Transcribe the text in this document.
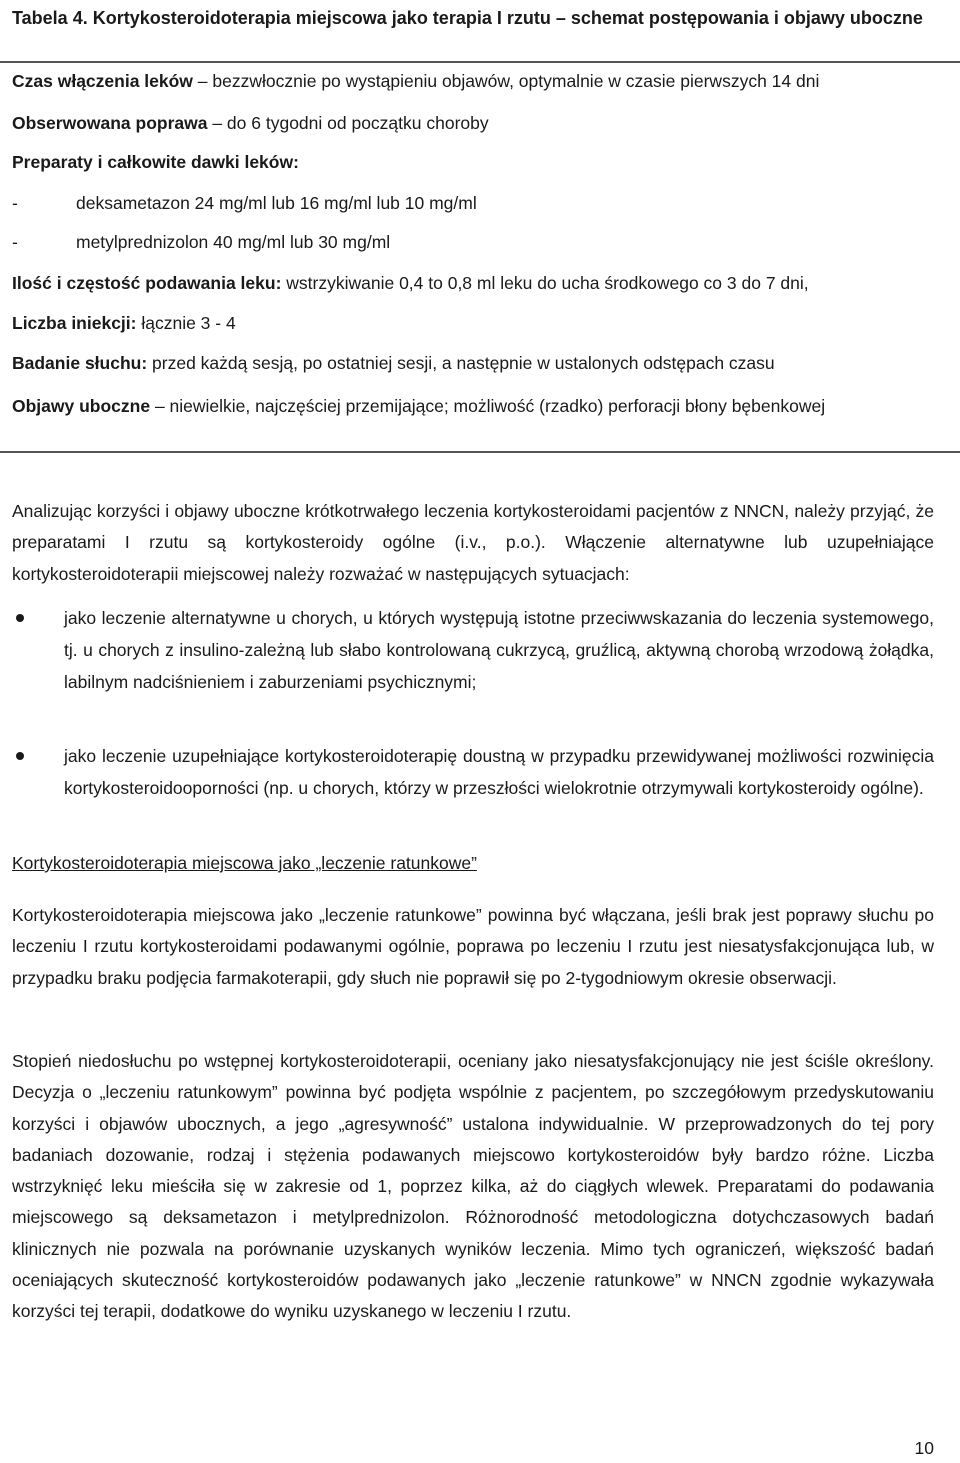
Tabela 4. Kortykosteroidoterapia miejscowa jako terapia I rzutu – schemat postępowania i objawy uboczne
Czas włączenia leków – bezzwłocznie po wystąpieniu objawów, optymalnie w czasie pierwszych 14 dni
Obserwowana poprawa – do 6 tygodni od początku choroby
Preparaty i całkowite dawki leków:
-	deksametazon 24 mg/ml lub 16 mg/ml lub 10 mg/ml
-	metylprednizolon 40 mg/ml lub 30 mg/ml
Ilość i częstość podawania leku: wstrzykiwanie 0,4 to 0,8 ml leku do ucha środkowego co 3 do 7 dni,
Liczba iniekcji: łącznie 3 - 4
Badanie słuchu: przed każdą sesją, po ostatniej sesji, a następnie w ustalonych odstępach czasu
Objawy uboczne – niewielkie, najczęściej przemijające; możliwość (rzadko) perforacji błony bębenkowej
Analizując korzyści i objawy uboczne krótkotrwałego leczenia kortykosteroidami pacjentów z NNCN, należy przyjąć, że preparatami I rzutu są kortykosteroidy ogólne (i.v., p.o.). Włączenie alternatywne lub uzupełniające kortykosteroidoterapii miejscowej należy rozważać w następujących sytuacjach:
jako leczenie alternatywne u chorych, u których występują istotne przeciwwskazania do leczenia systemowego, tj. u chorych z insulino-zależną lub słabo kontrolowaną cukrzycą, gruźlicą, aktywną chorobą wrzodową żołądka, labilnym nadciśnieniem i zaburzeniami psychicznymi;
jako leczenie uzupełniające kortykosteroidoterapię doustną w przypadku przewidywanej możliwości rozwinięcia kortykosteroidooporności (np. u chorych, którzy w przeszłości wielokrotnie otrzymywali kortykosteroidy ogólne).
Kortykosteroidoterapia miejscowa jako „leczenie ratunkowe”
Kortykosteroidoterapia miejscowa jako „leczenie ratunkowe” powinna być włączana, jeśli brak jest poprawy słuchu po leczeniu I rzutu kortykosteroidami podawanymi ogólnie, poprawa po leczeniu I rzutu jest niesatysfakcjonująca lub, w przypadku braku podjęcia farmakoterapii, gdy słuch nie poprawił się po 2-tygodniowym okresie obserwacji.
Stopień niedosłuchu po wstępnej kortykosteroidoterapii, oceniany jako niesatysfakcjonujący nie jest ściśle określony. Decyzja o „leczeniu ratunkowym” powinna być podjęta wspólnie z pacjentem, po szczegółowym przedyskutowaniu korzyści i objawów ubocznych, a jego „agresywność” ustalona indywidualnie. W przeprowadzonych do tej pory badaniach dozowanie, rodzaj i stężenia podawanych miejscowo kortykosteroidów były bardzo różne. Liczba wstrzyknięć leku mieściła się w zakresie od 1, poprzez kilka, aż do ciągłych wlewek. Preparatami do podawania miejscowego są deksametazon i metylprednizolon. Różnorodność metodologiczna dotychczasowych badań klinicznych nie pozwala na porównanie uzyskanych wyników leczenia. Mimo tych ograniczeń, większość badań oceniających skuteczność kortykosteroidów podawanych jako „leczenie ratunkowe” w NNCN zgodnie wykazywała korzyści tej terapii, dodatkowe do wyniku uzyskanego w leczeniu I rzutu.
10
